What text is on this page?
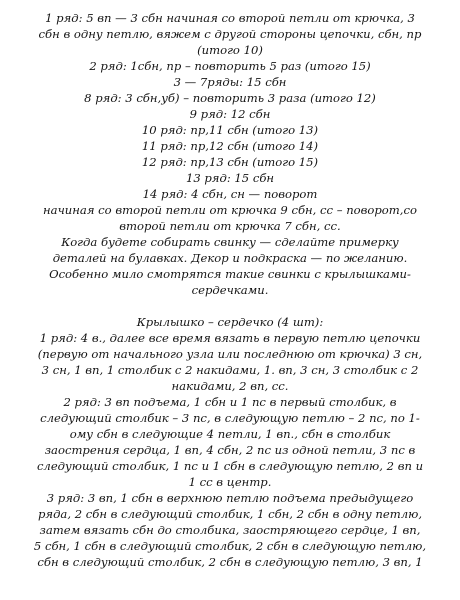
1 ряд: 5 вп — 3 сбн начиная со второй петли от крючка, 3
сбн в одну петлю, вяжем с другой стороны цепочки, сбн, пр
(итого 10)
2 ряд: 1сбн, пр – повторить 5 раз (итого 15)
3 — 7ряды: 15 сбн
8 ряд: 3 сбн,уб) – повторить 3 раза (итого 12)
9 ряд: 12 сбн
10 ряд: пр,11 сбн (итого 13)
11 ряд: пр,12 сбн (итого 14)
12 ряд: пр,13 сбн (итого 15)
13 ряд: 15 сбн
14 ряд: 4 сбн, сн — поворот
начиная со второй петли от крючка 9 сбн, сс – поворот,со
второй петли от крючка 7 сбн, сс.
Когда будете собирать свинку — сделайте примерку
деталей на булавках. Декор и подкраска — по желанию.
Особенно мило смотрятся такие свинки с крылышками-
сердечками.
Крылышко – сердечко (4 шт):
1 ряд: 4 в., далее все время вязать в первую петлю цепочки
(первую от начального узла или последнюю от крючка) 3 сн,
3 сн, 1 вп, 1 столбик с 2 накидами, 1. вп, 3 сн, 3 столбик с 2
накидами, 2 вп, сс.
2 ряд: 3 вп подъема, 1 сбн и 1 пс в первый столбик, в
следующий столбик – 3 пс, в следующую петлю – 2 пс, по 1-
ому сбн в следующие 4 петли, 1 вп., сбн в столбик
заострения сердца, 1 вп, 4 сбн, 2 пс из одной петли, 3 пс в
следующий столбик, 1 пс и 1 сбн в следующую петлю, 2 вп и
1 сс в центр.
3 ряд: 3 вп, 1 сбн в верхнюю петлю подъема предыдущего
ряда, 2 сбн в следующий столбик, 1 сбн, 2 сбн в одну петлю,
затем вязать сбн до столбика, заостряющего сердце, 1 вп,
5 сбн, 1 сбн в следующий столбик, 2 сбн в следующую петлю,
сбн в следующий столбик, 2 сбн в следующую петлю, 3 вп, 1
